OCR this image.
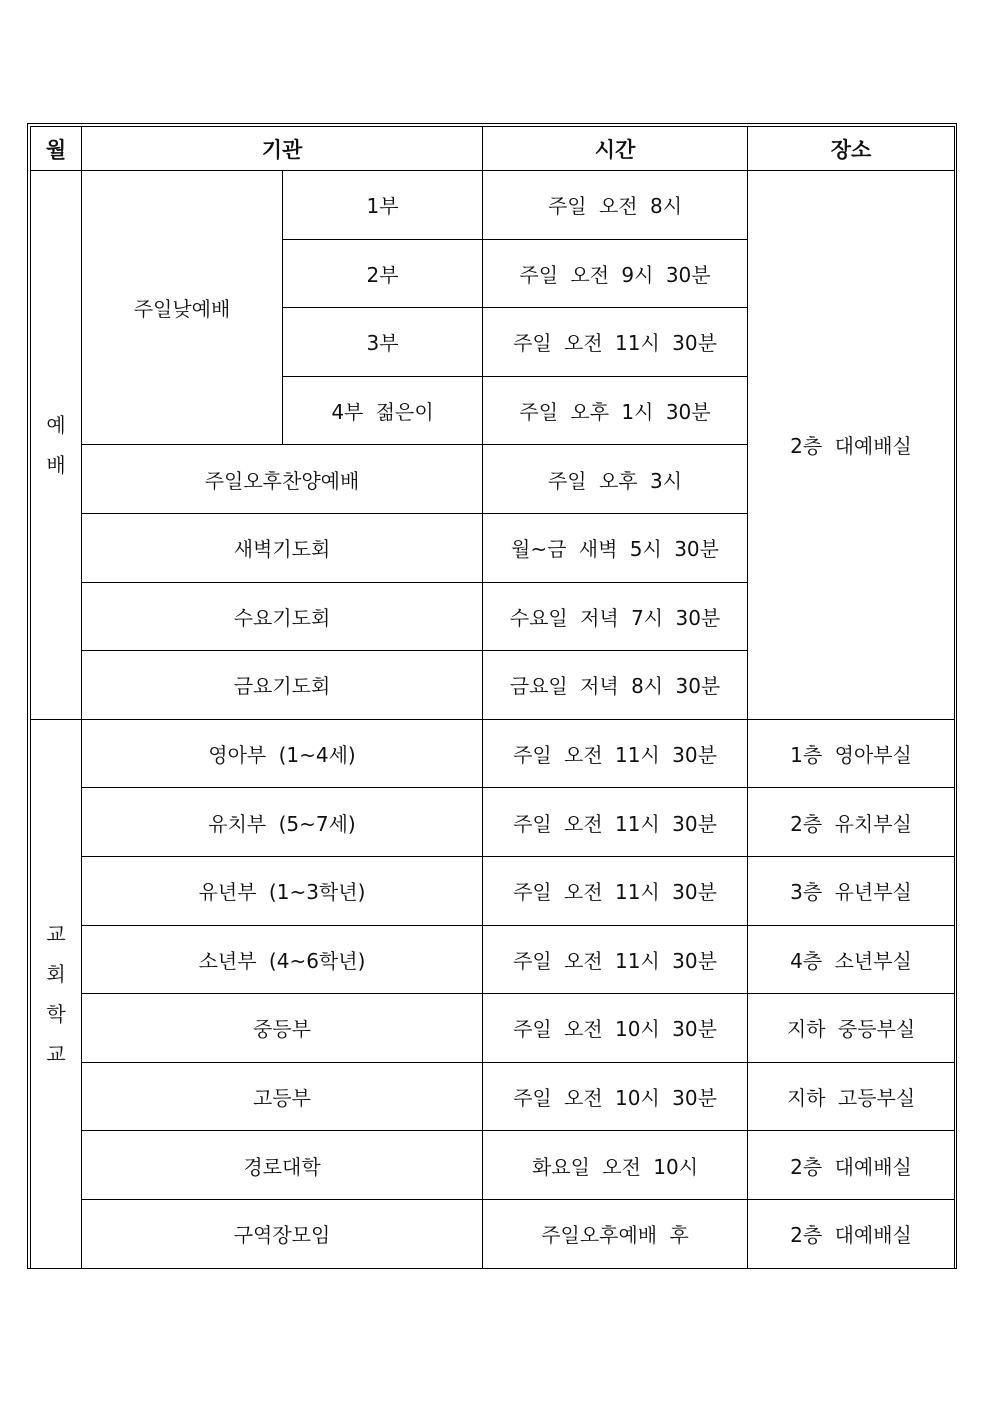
월	기관		시간	장소

예
배	주일낮예배	1부	주일 오전 8시	2층 대예배실
		2부	주일 오전 9시 30분	
		3부	주일 오전 11시 30분	
		4부 젊은이	주일 오후 1시 30분	
	주일오후찬양예배		주일 오후 3시	
	새벽기도회		월~금 새벽 5시 30분	
	수요기도회		수요일 저녁 7시 30분	
	금요기도회		금요일 저녁 8시 30분	

교
회
학
교	영아부 (1~4세)		주일 오전 11시 30분	1층 영아부실
	유치부 (5~7세)		주일 오전 11시 30분	2층 유치부실
	유년부 (1~3학년)		주일 오전 11시 30분	3층 유년부실
	소년부 (4~6학년)		주일 오전 11시 30분	4층 소년부실
	중등부		주일 오전 10시 30분	지하 중등부실
	고등부		주일 오전 10시 30분	지하 고등부실
	경로대학		화요일 오전 10시	2층 대예배실
	구역장모임		주일오후예배 후	2층 대예배실
